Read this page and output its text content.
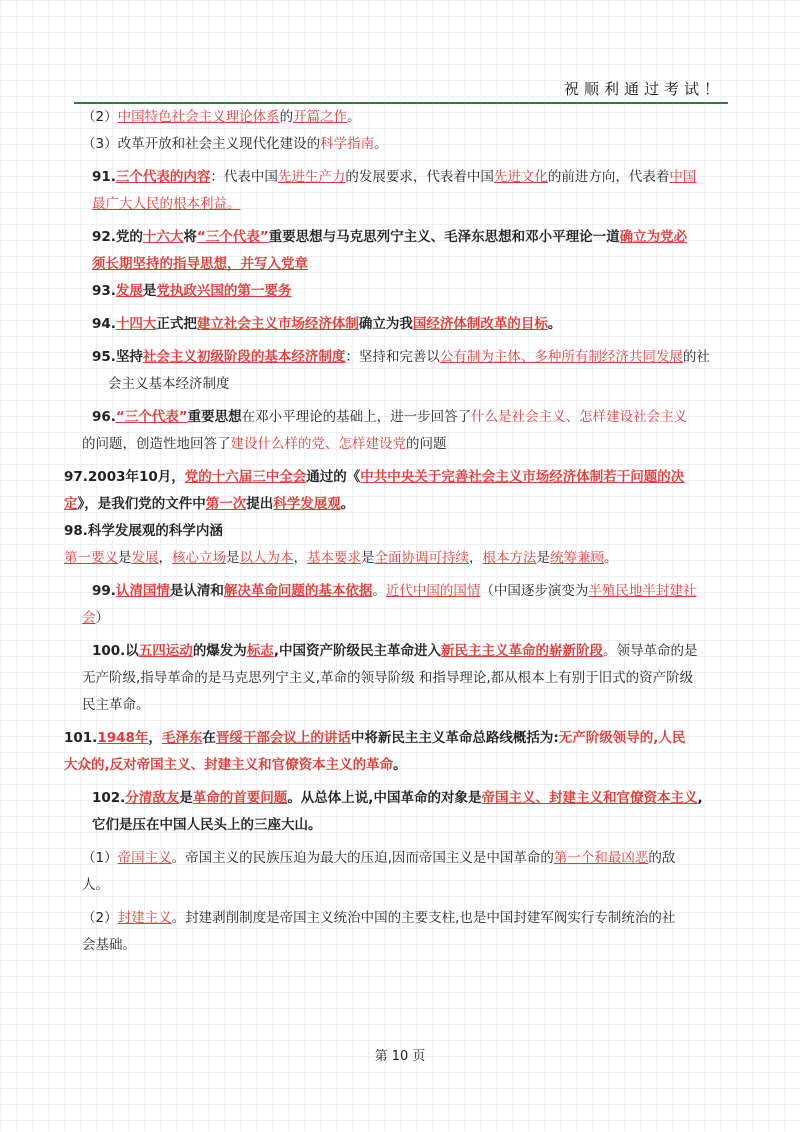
祝顺利通过考试！

（2）中国特色社会主义理论体系的开篇之作。

（3）改革开放和社会主义现代化建设的科学指南。

91.三个代表的内容：代表中国先进生产力的发展要求，代表着中国先进文化的前进方向，代表着中国

最广大人民的根本利益。

92.党的十六大将“三个代表”重要思想与马克思列宁主义、毛泽东思想和邓小平理论一道确立为党必

须长期坚持的指导思想，并写入党章

93.发展是党执政兴国的第一要务

94.十四大正式把建立社会主义市场经济体制确立为我国经济体制改革的目标。

95.坚持社会主义初级阶段的基本经济制度：坚持和完善以公有制为主体、多种所有制经济共同发展的社

会主义基本经济制度

96.“三个代表”重要思想在邓小平理论的基础上，进一步回答了什么是社会主义、怎样建设社会主义

的问题，创造性地回答了建设什么样的党、怎样建设党的问题

97.2003年10月，党的十六届三中全会通过的《中共中央关于完善社会主义市场经济体制若干问题的决

定》，是我们党的文件中第一次提出科学发展观。

98.科学发展观的科学内涵

第一要义是发展，核心立场是以人为本，基本要求是全面协调可持续，根本方法是统筹兼顾。

99.认清国情是认清和解决革命问题的基本依据。近代中国的国情（中国逐步演变为半殖民地半封建社

会）

100.以五四运动的爆发为标志,中国资产阶级民主革命进入新民主主义革命的崭新阶段。领导革命的是

无产阶级,指导革命的是马克思列宁主义,革命的领导阶级 和指导理论,都从根本上有别于旧式的资产阶级

民主革命。

101.1948年，毛泽东在晋绥干部会议上的讲话中将新民主主义革命总路线概括为:无产阶级领导的,人民

大众的,反对帝国主义、封建主义和官僚资本主义的革命。

102.分清敌友是革命的首要问题。从总体上说,中国革命的对象是帝国主义、封建主义和官僚资本主义,

它们是压在中国人民头上的三座大山。

（1）帝国主义。帝国主义的民族压迫为最大的压迫,因而帝国主义是中国革命的第一个和最凶恶的敌

人。

（2）封建主义。封建剥削制度是帝国主义统治中国的主要支柱,也是中国封建军阀实行专制统治的社

会基础。

第 10 页
